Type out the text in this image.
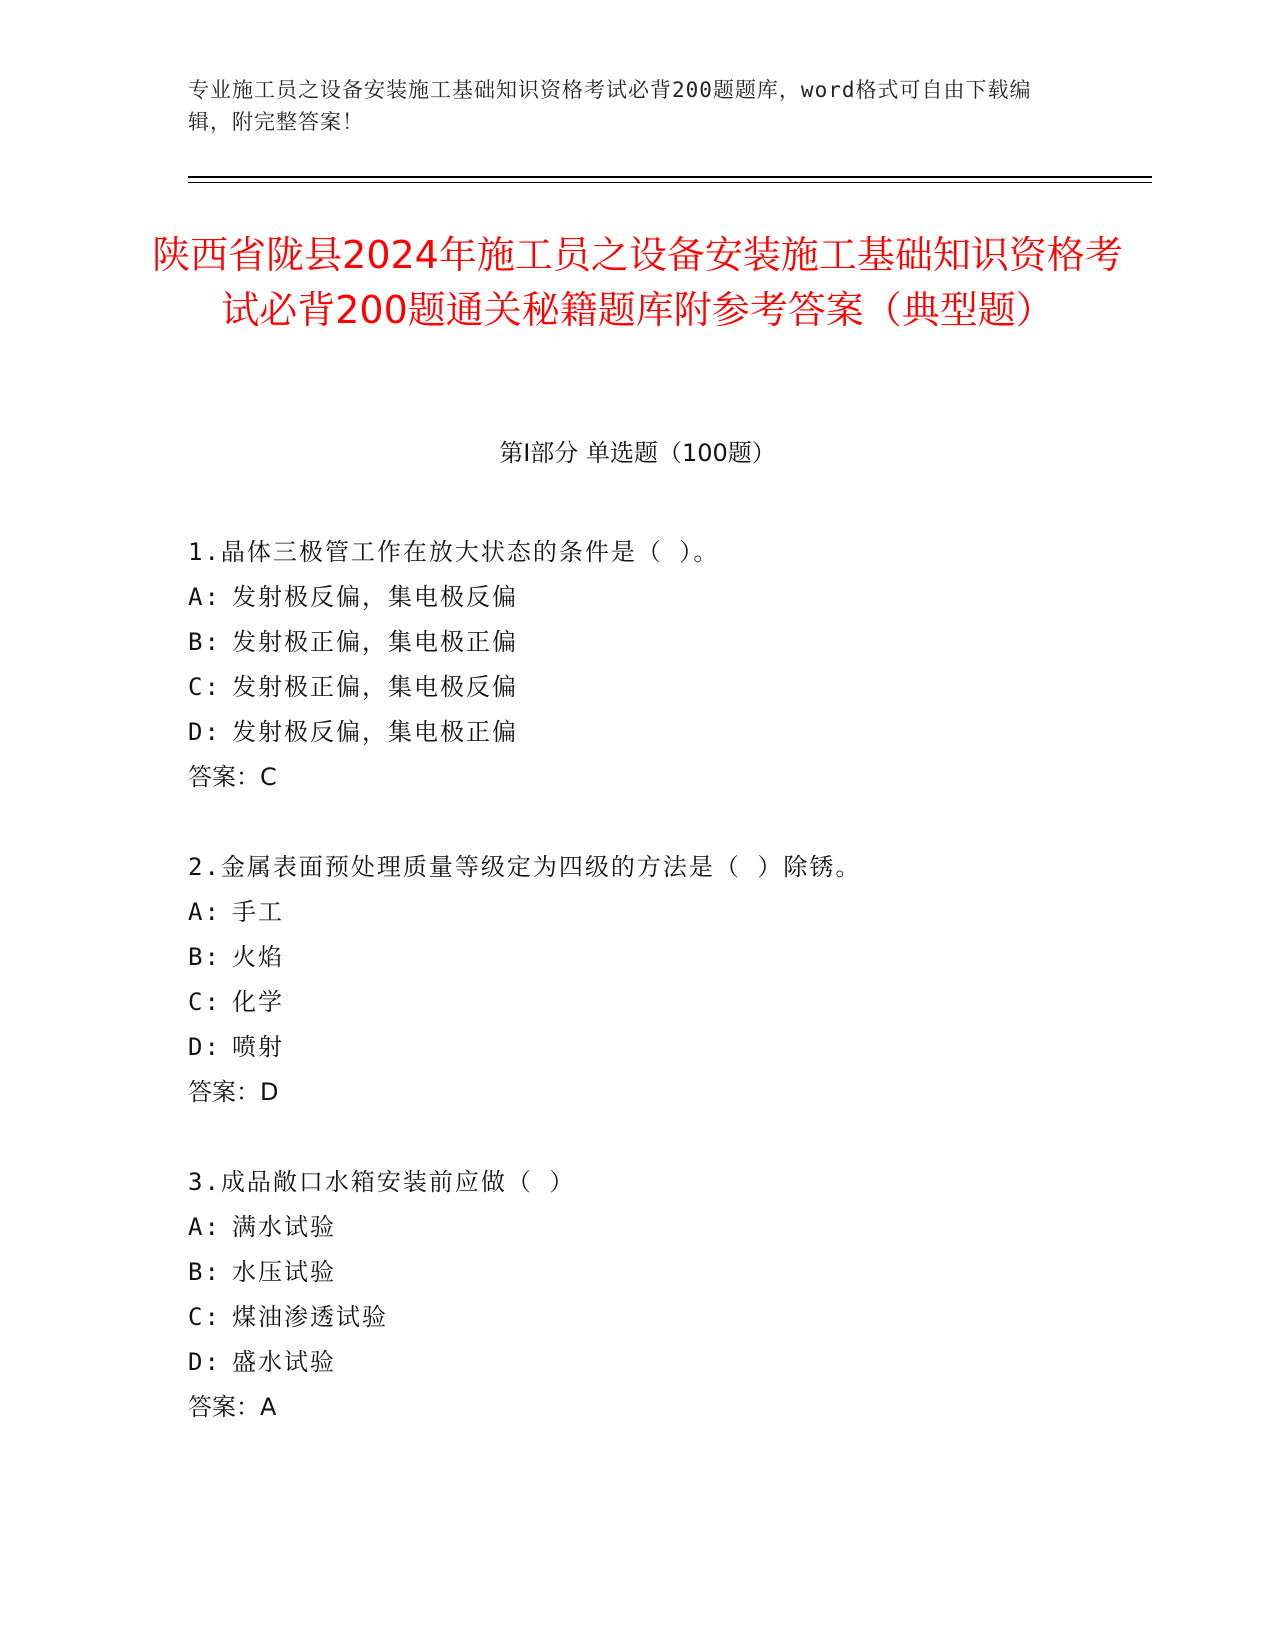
专业施工员之设备安装施工基础知识资格考试必背200题题库，word格式可自由下载编辑，附完整答案！
陕西省陇县2024年施工员之设备安装施工基础知识资格考试必背200题通关秘籍题库附参考答案（典型题）
第Ⅰ部分 单选题（100题）
1.晶体三极管工作在放大状态的条件是（ ）。
A: 发射极反偏，集电极反偏
B: 发射极正偏，集电极正偏
C: 发射极正偏，集电极反偏
D: 发射极反偏，集电极正偏
答案：C
2.金属表面预处理质量等级定为四级的方法是（ ）除锈。
A: 手工
B: 火焰
C: 化学
D: 喷射
答案：D
3.成品敞口水箱安装前应做（ ）
A: 满水试验
B: 水压试验
C: 煤油渗透试验
D: 盛水试验
答案：A
